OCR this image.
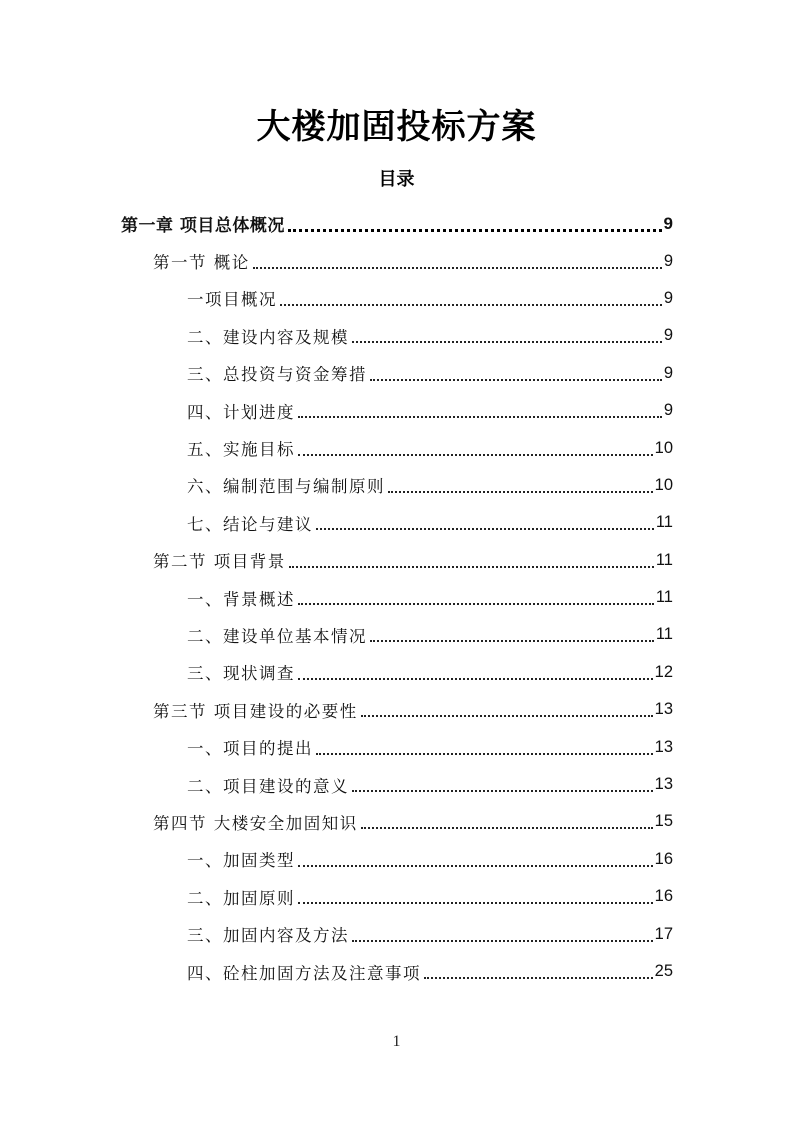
大楼加固投标方案
目录
第一章 项目总体概况	9
第一节 概论	9
一项目概况	9
二、建设内容及规模	9
三、总投资与资金筹措	9
四、计划进度	9
五、实施目标	10
六、编制范围与编制原则	10
七、结论与建议	11
第二节 项目背景	11
一、背景概述	11
二、建设单位基本情况	11
三、现状调查	12
第三节 项目建设的必要性	13
一、项目的提出	13
二、项目建设的意义	13
第四节 大楼安全加固知识	15
一、加固类型	16
二、加固原则	16
三、加固内容及方法	17
四、砼柱加固方法及注意事项	25
1
